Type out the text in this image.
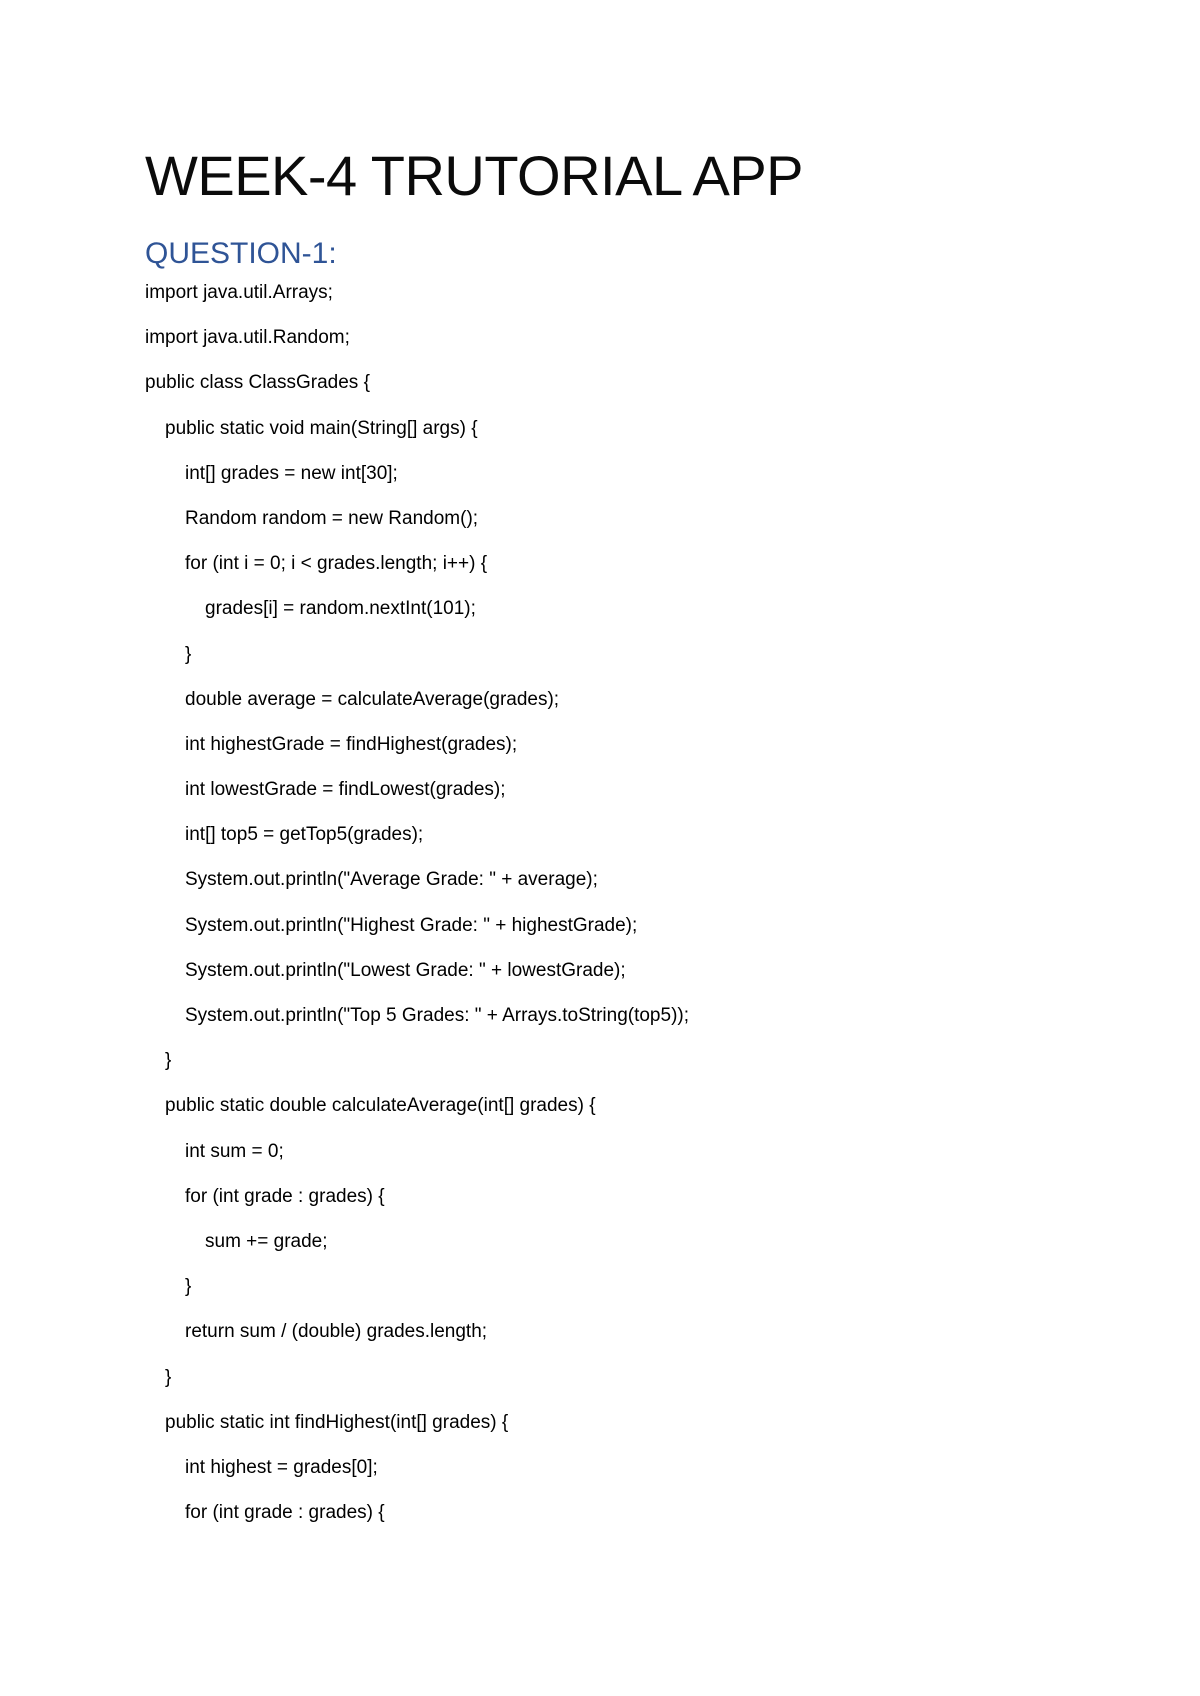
WEEK-4 TRUTORIAL APP
QUESTION-1:
import java.util.Arrays;
import java.util.Random;
public class ClassGrades {
public static void main(String[] args) {
int[] grades = new int[30];
Random random = new Random();
for (int i = 0; i < grades.length; i++) {
grades[i] = random.nextInt(101);
}
double average = calculateAverage(grades);
int highestGrade = findHighest(grades);
int lowestGrade = findLowest(grades);
int[] top5 = getTop5(grades);
System.out.println("Average Grade: " + average);
System.out.println("Highest Grade: " + highestGrade);
System.out.println("Lowest Grade: " + lowestGrade);
System.out.println("Top 5 Grades: " + Arrays.toString(top5));
}
public static double calculateAverage(int[] grades) {
int sum = 0;
for (int grade : grades) {
sum += grade;
}
return sum / (double) grades.length;
}
public static int findHighest(int[] grades) {
int highest = grades[0];
for (int grade : grades) {
